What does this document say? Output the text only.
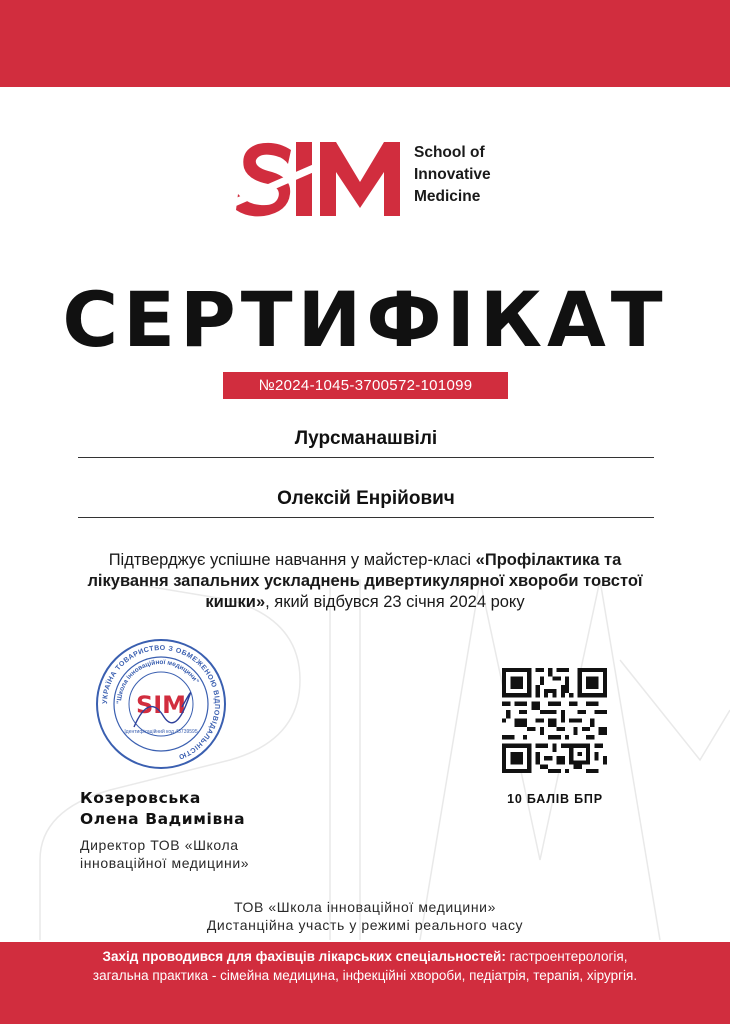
School of
Innovative
Medicine
СЕРТИФІКАТ
№2024-1045-3700572-101099
Лурсманашвілі
Олексій Енрійович
Підтверджує успішне навчання у майстер-класі «Профілактика та лікування запальних ускладнень дивертикулярної хвороби товстої кишки», який відбувся 23 січня 2024 року
УКРАЇНА ТОВАРИСТВО З ОБМЕЖЕНОЮ ВІДПОВІДАЛЬНІСТЮ
"Школа інноваційної медицини"
Ідентифікаційний код 43739595
SIM
Козеровська
Олена Вадимівна
Директор ТОВ «Школа
інноваційної медицини»
10 БАЛІВ БПР
ТОВ «Школа інноваційної медицини»
Дистанційна участь у режимі реального часу
Захід проводився для фахівців лікарських спеціальностей: гастроентерологія,
загальна практика - сімейна медицина, інфекційні хвороби, педіатрія, терапія, хірургія.
